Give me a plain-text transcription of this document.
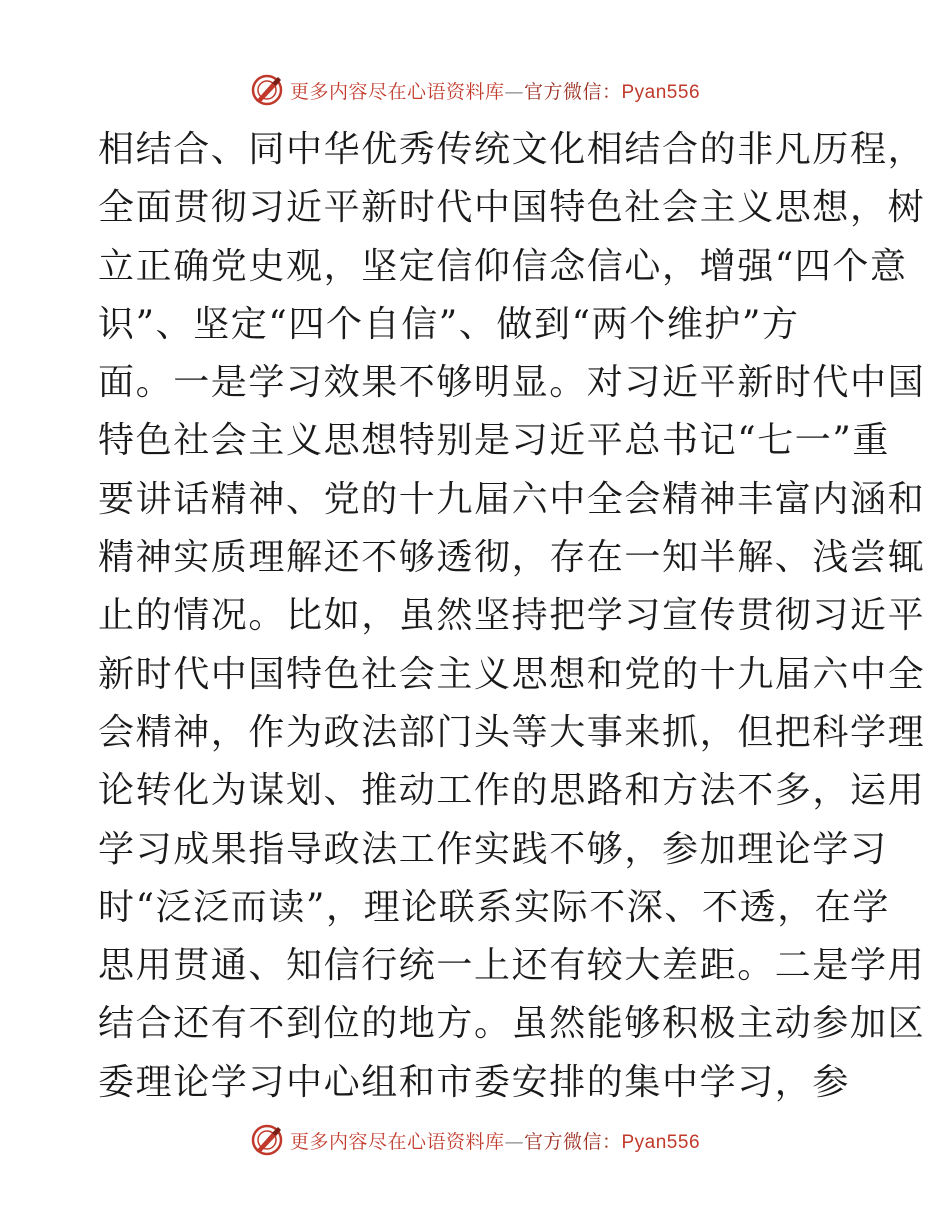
更多内容尽在心语资料库—官方微信：Pyan556
相结合、同中华优秀传统文化相结合的非凡历程，
全面贯彻习近平新时代中国特色社会主义思想，树
立正确党史观，坚定信仰信念信心，增强“四个意
识”、坚定“四个自信”、做到“两个维护”方
面。一是学习效果不够明显。对习近平新时代中国
特色社会主义思想特别是习近平总书记“七一”重
要讲话精神、党的十九届六中全会精神丰富内涵和
精神实质理解还不够透彻，存在一知半解、浅尝辄
止的情况。比如，虽然坚持把学习宣传贯彻习近平
新时代中国特色社会主义思想和党的十九届六中全
会精神，作为政法部门头等大事来抓，但把科学理
论转化为谋划、推动工作的思路和方法不多，运用
学习成果指导政法工作实践不够，参加理论学习
时“泛泛而读”，理论联系实际不深、不透，在学
思用贯通、知信行统一上还有较大差距。二是学用
结合还有不到位的地方。虽然能够积极主动参加区
委理论学习中心组和市委安排的集中学习，参
更多内容尽在心语资料库—官方微信：Pyan556
